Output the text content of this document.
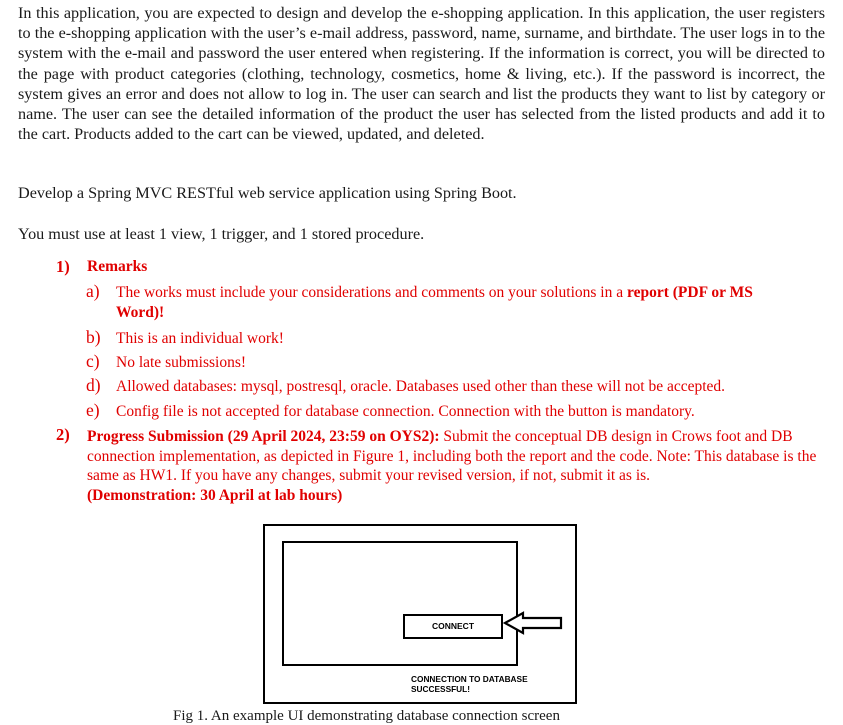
In this application, you are expected to design and develop the e-shopping application. In this application, the user registers to the e-shopping application with the user’s e-mail address, password, name, surname, and birthdate. The user logs in to the system with the e-mail and password the user entered when registering. If the information is correct, you will be directed to the page with product categories (clothing, technology, cosmetics, home & living, etc.). If the password is incorrect, the system gives an error and does not allow to log in. The user can search and list the products they want to list by category or name. The user can see the detailed information of the product the user has selected from the listed products and add it to the cart. Products added to the cart can be viewed, updated, and deleted.

Develop a Spring MVC RESTful web service application using Spring Boot.

You must use at least 1 view, 1 trigger, and 1 stored procedure.

1) Remarks
a) The works must include your considerations and comments on your solutions in a report (PDF or MS Word)!
b) This is an individual work!
c) No late submissions!
d) Allowed databases: mysql, postresql, oracle. Databases used other than these will not be accepted.
e) Config file is not accepted for database connection. Connection with the button is mandatory.
2) Progress Submission (29 April 2024, 23:59 on OYS2): Submit the conceptual DB design in Crows foot and DB connection implementation, as depicted in Figure 1, including both the report and the code. Note: This database is the same as HW1. If you have any changes, submit your revised version, if not, submit it as is.
(Demonstration: 30 April at lab hours)
CONNECT
CONNECTION TO DATABASE
SUCCESSFUL!
Fig 1. An example UI demonstrating database connection screen
